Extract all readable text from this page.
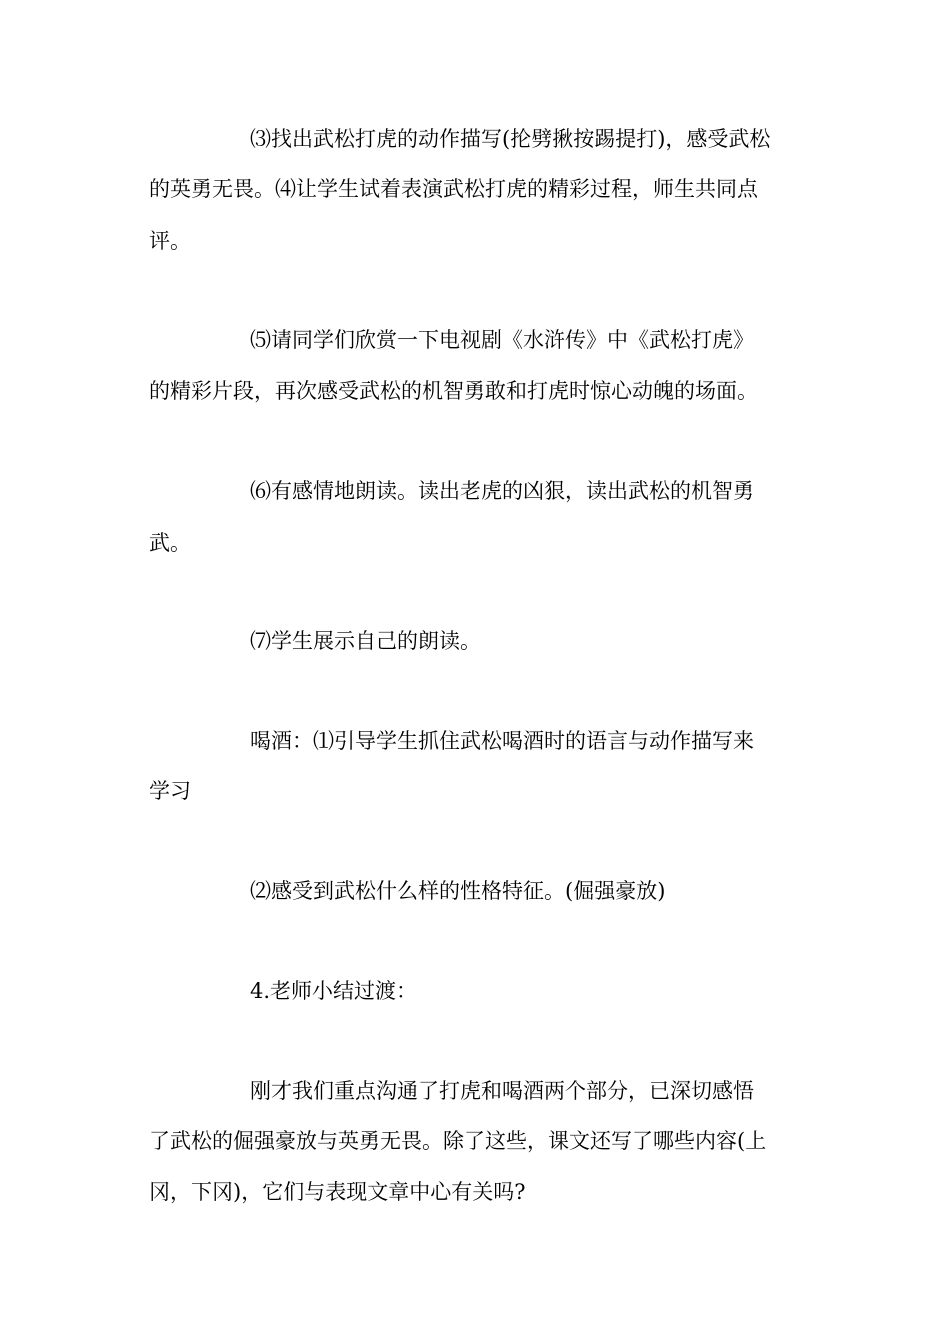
⑶找出武松打虎的动作描写(抡劈揪按踢提打)，感受武松
的英勇无畏。⑷让学生试着表演武松打虎的精彩过程，师生共同点
评。
⑸请同学们欣赏一下电视剧《水浒传》中《武松打虎》
的精彩片段，再次感受武松的机智勇敢和打虎时惊心动魄的场面。
⑹有感情地朗读。读出老虎的凶狠，读出武松的机智勇
武。
⑺学生展示自己的朗读。
喝酒：⑴引导学生抓住武松喝酒时的语言与动作描写来
学习
⑵感受到武松什么样的性格特征。(倔强豪放)
4.老师小结过渡：
刚才我们重点沟通了打虎和喝酒两个部分，已深切感悟
了武松的倔强豪放与英勇无畏。除了这些，课文还写了哪些内容(上
冈，下冈)，它们与表现文章中心有关吗?
